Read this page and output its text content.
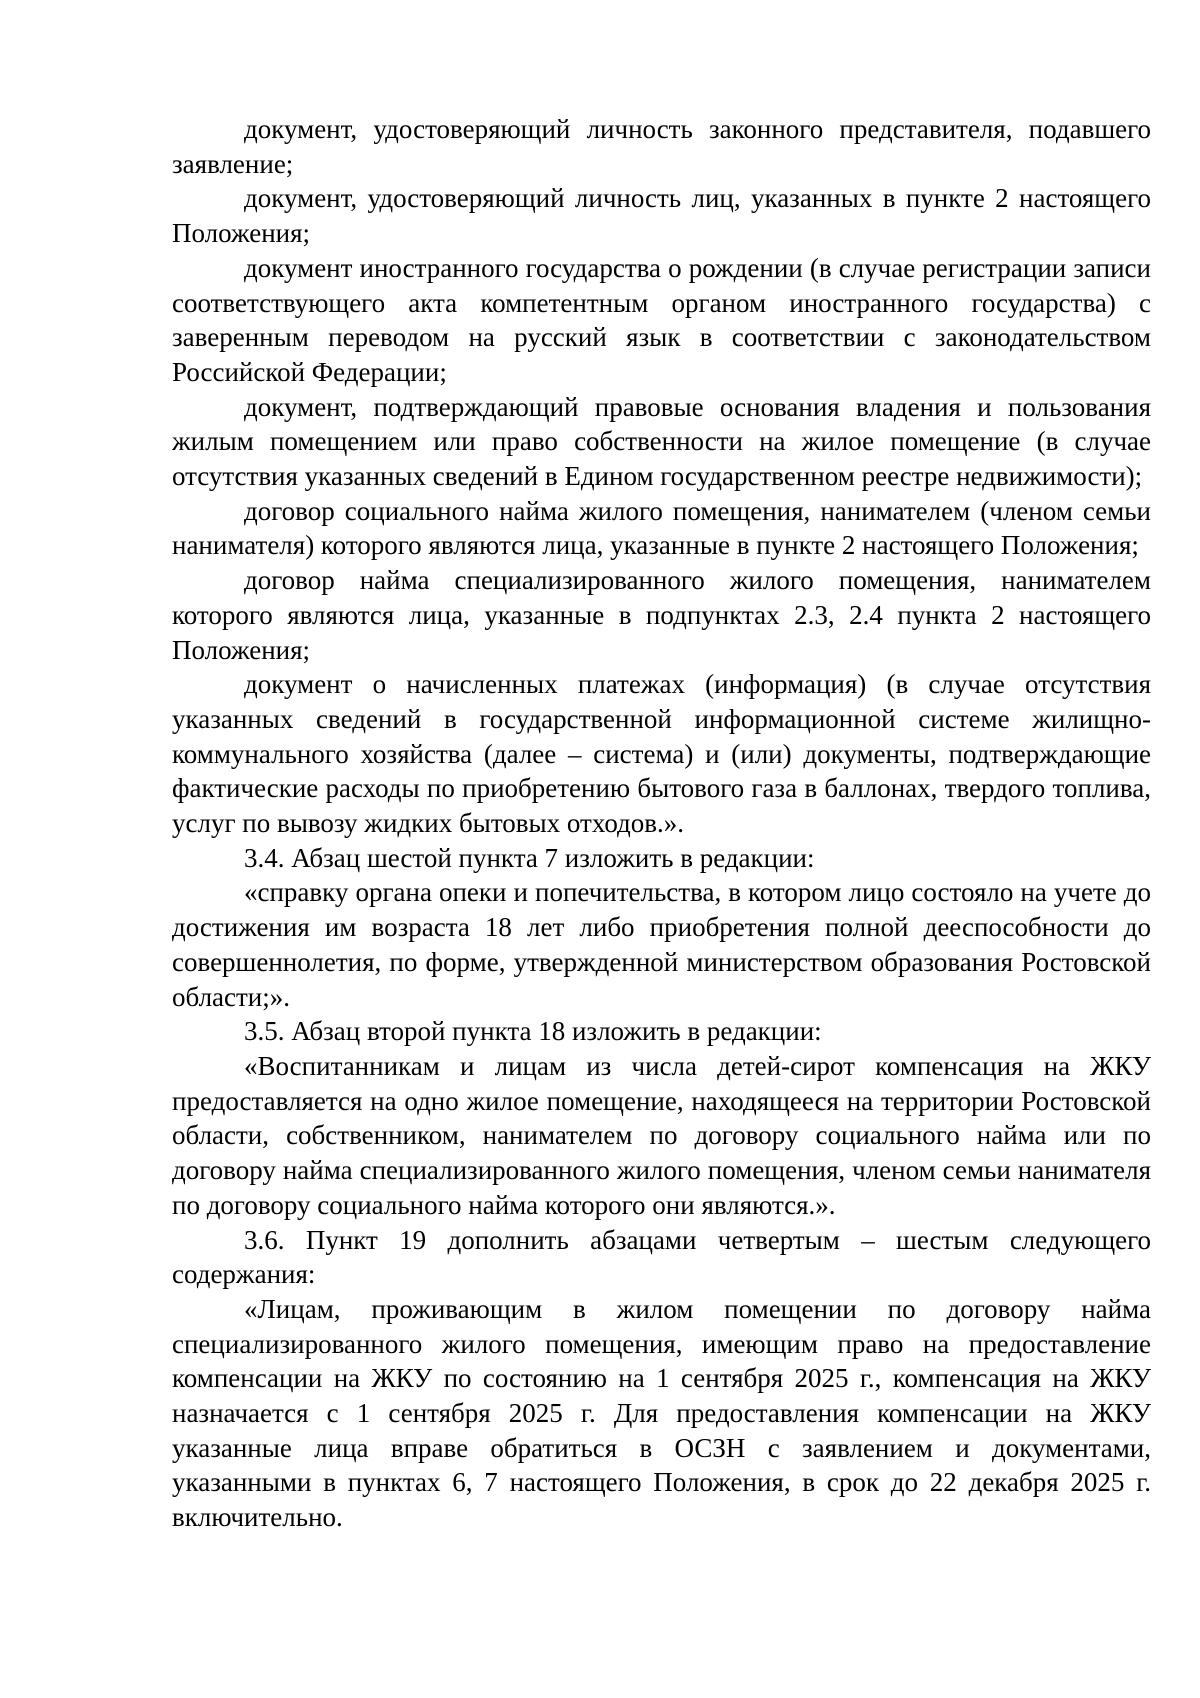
документ, удостоверяющий личность законного представителя, подавшего заявление;

документ, удостоверяющий личность лиц, указанных в пункте 2 настоящего Положения;

документ иностранного государства о рождении (в случае регистрации записи соответствующего акта компетентным органом иностранного государства) с заверенным переводом на русский язык в соответствии с законодательством Российской Федерации;

документ, подтверждающий правовые основания владения и пользования жилым помещением или право собственности на жилое помещение (в случае отсутствия указанных сведений в Едином государственном реестре недвижимости);

договор социального найма жилого помещения, нанимателем (членом семьи нанимателя) которого являются лица, указанные в пункте 2 настоящего Положения;

договор найма специализированного жилого помещения, нанимателем которого являются лица, указанные в подпунктах 2.3, 2.4 пункта 2 настоящего Положения;

документ о начисленных платежах (информация) (в случае отсутствия указанных сведений в государственной информационной системе жилищно-коммунального хозяйства (далее – система) и (или) документы, подтверждающие фактические расходы по приобретению бытового газа в баллонах, твердого топлива, услуг по вывозу жидких бытовых отходов.».

3.4. Абзац шестой пункта 7 изложить в редакции:

«справку органа опеки и попечительства, в котором лицо состояло на учете до достижения им возраста 18 лет либо приобретения полной дееспособности до совершеннолетия, по форме, утвержденной министерством образования Ростовской области;».

3.5. Абзац второй пункта 18 изложить в редакции:

«Воспитанникам и лицам из числа детей-сирот компенсация на ЖКУ предоставляется на одно жилое помещение, находящееся на территории Ростовской области, собственником, нанимателем по договору социального найма или по договору найма специализированного жилого помещения, членом семьи нанимателя по договору социального найма которого они являются.».

3.6. Пункт 19 дополнить абзацами четвертым – шестым следующего содержания:

«Лицам, проживающим в жилом помещении по договору найма специализированного жилого помещения, имеющим право на предоставление компенсации на ЖКУ по состоянию на 1 сентября 2025 г., компенсация на ЖКУ назначается с 1 сентября 2025 г. Для предоставления компенсации на ЖКУ указанные лица вправе обратиться в ОСЗН с заявлением и документами, указанными в пунктах 6, 7 настоящего Положения, в срок до 22 декабря 2025 г. включительно.
